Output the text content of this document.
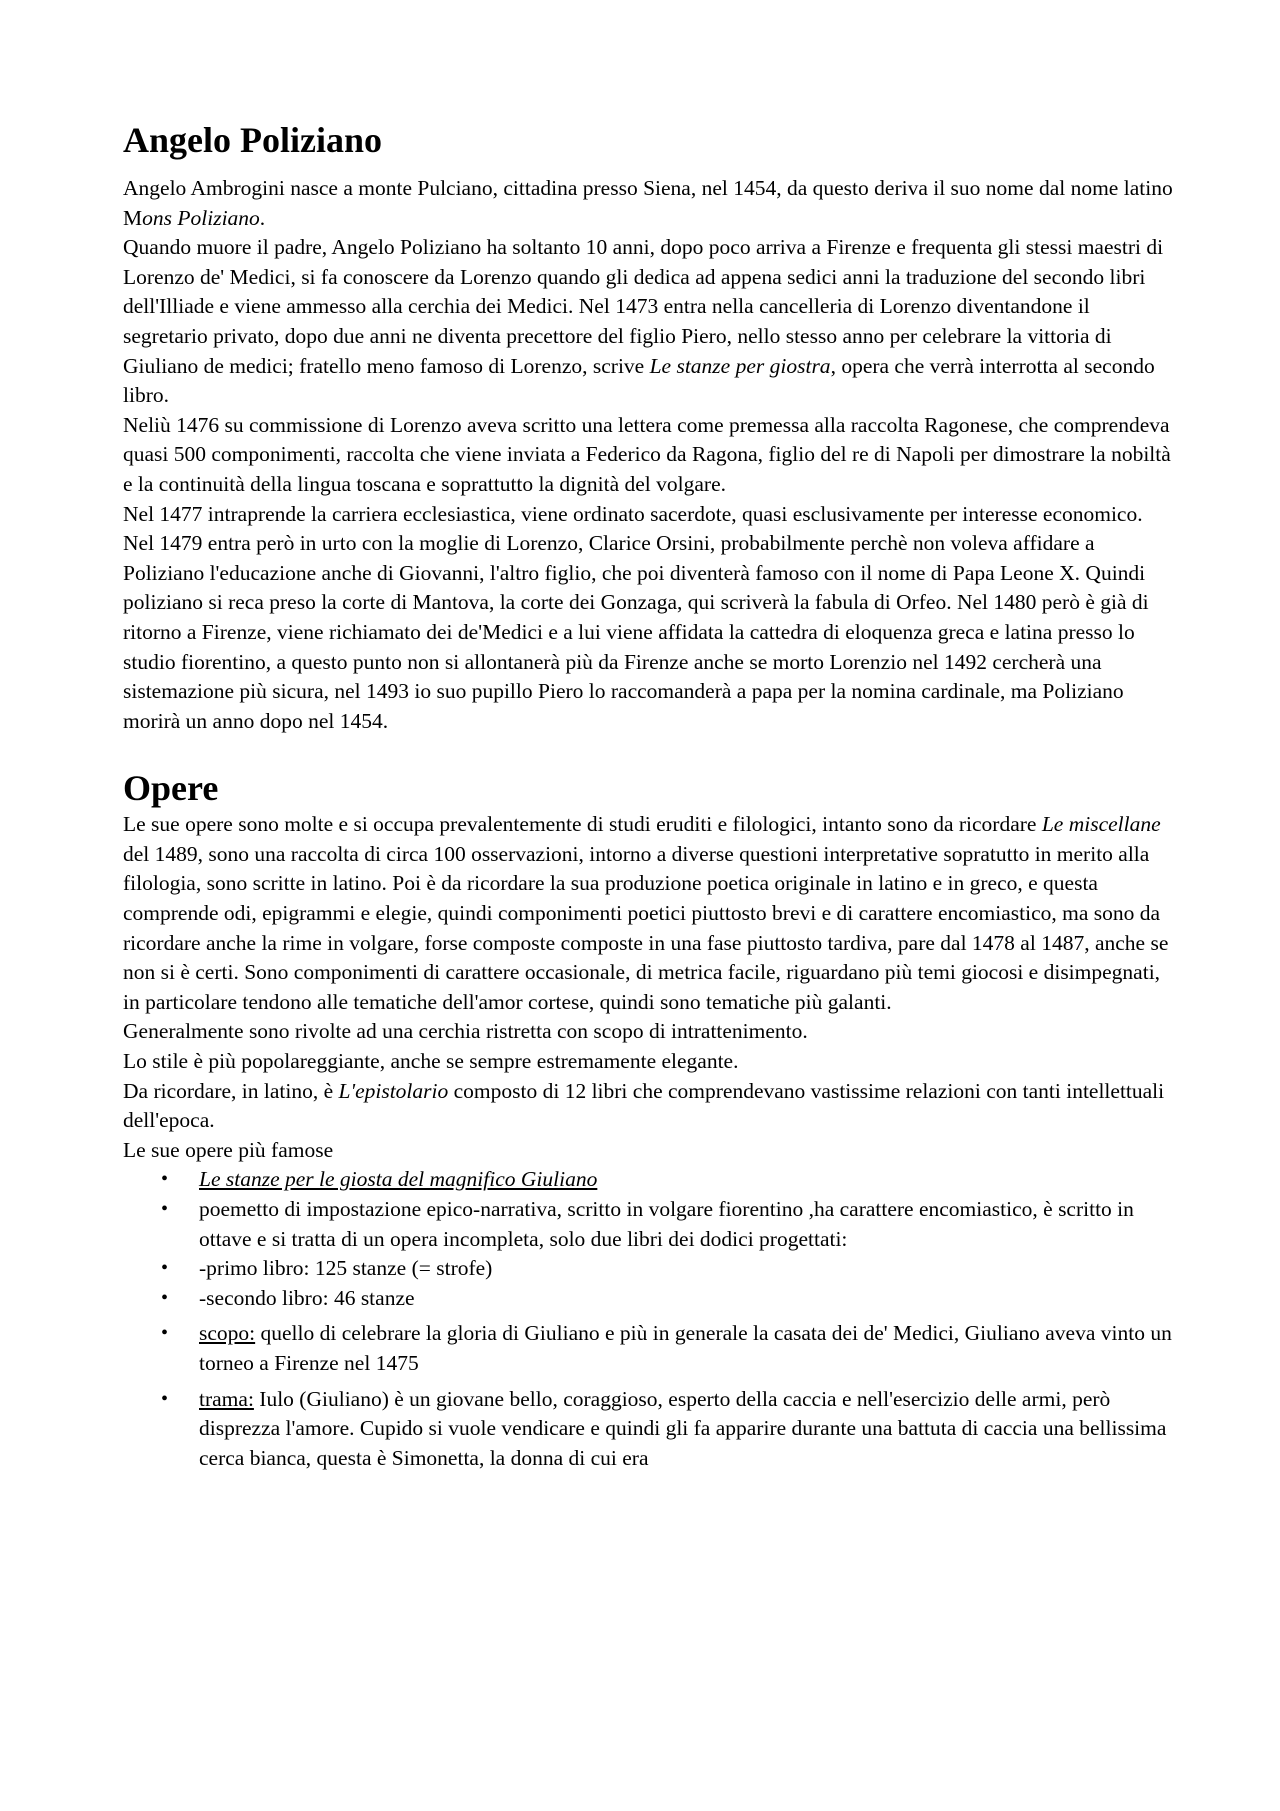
Angelo Poliziano

Angelo Ambrogini nasce a monte Pulciano, cittadina presso Siena, nel 1454, da questo deriva il suo nome dal nome latino Mons Poliziano.

Quando muore il padre, Angelo Poliziano ha soltanto 10 anni, dopo poco arriva a Firenze e frequenta gli stessi maestri di Lorenzo de' Medici, si fa conoscere da Lorenzo quando gli dedica ad appena sedici anni la traduzione del secondo libri dell'Illiade e viene ammesso alla cerchia dei Medici. Nel 1473 entra nella cancelleria di Lorenzo diventandone il segretario privato, dopo due anni ne diventa precettore del figlio Piero, nello stesso anno per celebrare la vittoria di Giuliano de medici; fratello meno famoso di Lorenzo, scrive Le stanze per giostra, opera che verrà interrotta al secondo libro.

Neliù 1476 su commissione di Lorenzo aveva scritto una lettera come premessa alla raccolta Ragonese, che comprendeva quasi 500 componimenti, raccolta che viene inviata a Federico da Ragona, figlio del re di Napoli per dimostrare la nobiltà e la continuità della lingua toscana e soprattutto la dignità del volgare.

Nel 1477 intraprende la carriera ecclesiastica, viene ordinato sacerdote, quasi esclusivamente per interesse economico. Nel 1479 entra però in urto con la moglie di Lorenzo, Clarice Orsini, probabilmente perchè non voleva affidare a Poliziano l'educazione anche di Giovanni, l'altro figlio, che poi diventerà famoso con il nome di Papa Leone X. Quindi poliziano si reca preso la corte di Mantova, la corte dei Gonzaga, qui scriverà la fabula di Orfeo. Nel 1480 però è già di ritorno a Firenze, viene richiamato dei de'Medici e a lui viene affidata la cattedra di eloquenza greca e latina presso lo studio fiorentino, a questo punto non si allontanerà più da Firenze anche se morto Lorenzio nel 1492 cercherà una sistemazione più sicura, nel 1493 io suo pupillo Piero lo raccomanderà a papa per la nomina cardinale, ma Poliziano morirà un anno dopo nel 1454.

Opere

Le sue opere sono molte e si occupa prevalentemente di studi eruditi e filologici, intanto sono da ricordare Le miscellane del 1489, sono una raccolta di circa 100 osservazioni, intorno a diverse questioni interpretative sopratutto in merito alla filologia, sono scritte in latino. Poi è da ricordare la sua produzione poetica originale in latino e in greco, e questa comprende odi, epigrammi e elegie, quindi componimenti poetici piuttosto brevi e di carattere encomiastico, ma sono da ricordare anche la rime in volgare, forse composte composte in una fase piuttosto tardiva, pare dal 1478 al 1487, anche se non si è certi. Sono componimenti di carattere occasionale, di metrica facile, riguardano più temi giocosi e disimpegnati, in particolare tendono alle tematiche dell'amor cortese, quindi sono tematiche più galanti.

Generalmente sono rivolte ad una cerchia ristretta con scopo di intrattenimento.

Lo stile è più popolareggiante, anche se sempre estremamente elegante.

Da ricordare, in latino, è L'epistolario composto di 12 libri che comprendevano vastissime relazioni con tanti intellettuali dell'epoca.

Le sue opere più famose

• Le stanze per le giosta del magnifico Giuliano
• poemetto di impostazione epico-narrativa, scritto in volgare fiorentino ,ha carattere encomiastico, è scritto in ottave e si tratta di un opera incompleta, solo due libri dei dodici progettati:
• -primo libro: 125 stanze (= strofe)
• -secondo libro: 46 stanze
• scopo: quello di celebrare la gloria di Giuliano e più in generale la casata dei de' Medici, Giuliano aveva vinto un torneo a Firenze nel 1475
• trama: Iulo (Giuliano) è un giovane bello, coraggioso, esperto della caccia e nell'esercizio delle armi, però disprezza l'amore. Cupido si vuole vendicare e quindi gli fa apparire durante una battuta di caccia una bellissima cerca bianca, questa è Simonetta, la donna di cui era
